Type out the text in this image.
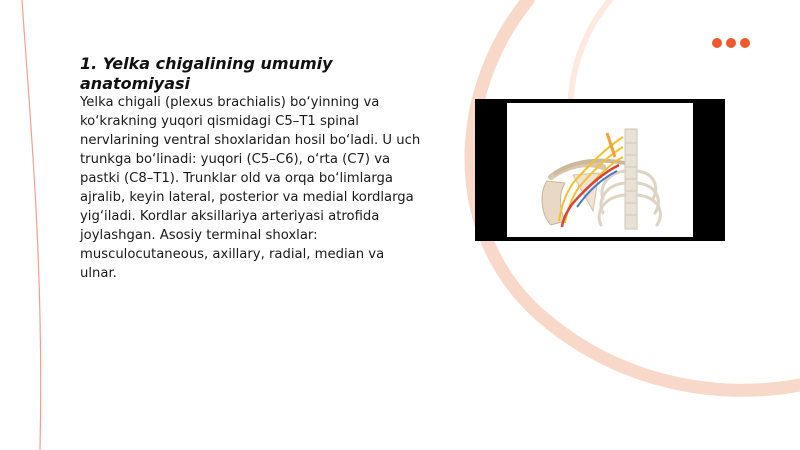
1. Yelka chigalining umumiy anatomiyasi

Yelka chigali (plexus brachialis) bo‘yinning va ko‘krakning yuqori qismidagi C5–T1 spinal nervlarining ventral shoxlaridan hosil bo‘ladi. U uch trunkga bo‘linadi: yuqori (C5–C6), o‘rta (C7) va pastki (C8–T1). Trunklar old va orqa bo‘limlarga ajralib, keyin lateral, posterior va medial kordlarga yig‘iladi. Kordlar aksillariya arteriyasi atrofida joylashgan. Asosiy terminal shoxlar: musculocutaneous, axillary, radial, median va ulnar.
